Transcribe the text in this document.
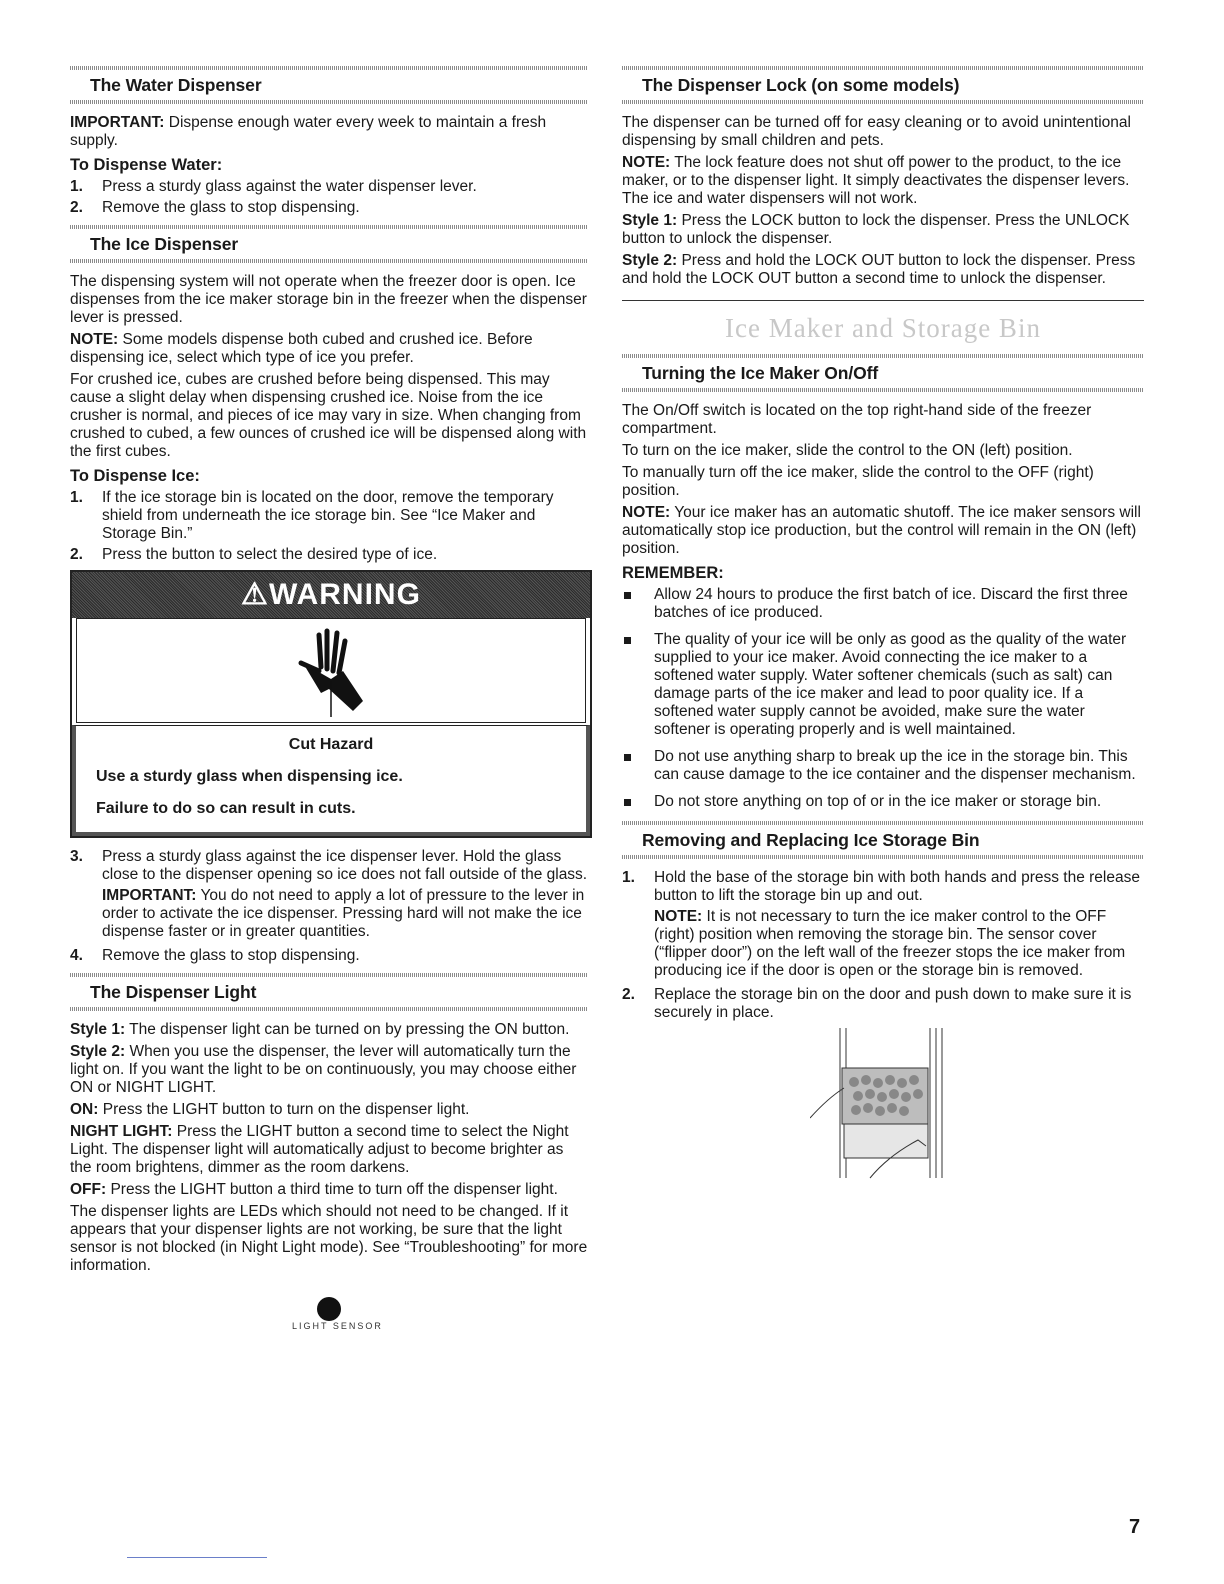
The Water Dispenser

IMPORTANT: Dispense enough water every week to maintain a fresh supply.

To Dispense Water:
1.	Press a sturdy glass against the water dispenser lever.
2.	Remove the glass to stop dispensing.
The Ice Dispenser

The dispensing system will not operate when the freezer door is open. Ice dispenses from the ice maker storage bin in the freezer when the dispenser lever is pressed.

NOTE: Some models dispense both cubed and crushed ice. Before dispensing ice, select which type of ice you prefer.

For crushed ice, cubes are crushed before being dispensed. This may cause a slight delay when dispensing crushed ice. Noise from the ice crusher is normal, and pieces of ice may vary in size. When changing from crushed to cubed, a few ounces of crushed ice will be dispensed along with the first cubes.

To Dispense Ice:
1.	If the ice storage bin is located on the door, remove the temporary shield from underneath the ice storage bin. See “Ice Maker and Storage Bin.”
2.	Press the button to select the desired type of ice.
⚠WARNING
Cut Hazard
Use a sturdy glass when dispensing ice.
Failure to do so can result in cuts.
3.	Press a sturdy glass against the ice dispenser lever. Hold the glass close to the dispenser opening so ice does not fall outside of the glass.

IMPORTANT: You do not need to apply a lot of pressure to the lever in order to activate the ice dispenser. Pressing hard will not make the ice dispense faster or in greater quantities.

4.	Remove the glass to stop dispensing.
The Dispenser Light

Style 1: The dispenser light can be turned on by pressing the ON button.

Style 2: When you use the dispenser, the lever will automatically turn the light on. If you want the light to be on continuously, you may choose either ON or NIGHT LIGHT.

ON: Press the LIGHT button to turn on the dispenser light.

NIGHT LIGHT: Press the LIGHT button a second time to select the Night Light. The dispenser light will automatically adjust to become brighter as the room brightens, dimmer as the room darkens.

OFF: Press the LIGHT button a third time to turn off the dispenser light.

The dispenser lights are LEDs which should not need to be changed. If it appears that your dispenser lights are not working, be sure that the light sensor is not blocked (in Night Light mode). See “Troubleshooting” for more information.

LIGHT SENSOR
The Dispenser Lock (on some models)

The dispenser can be turned off for easy cleaning or to avoid unintentional dispensing by small children and pets.

NOTE: The lock feature does not shut off power to the product, to the ice maker, or to the dispenser light. It simply deactivates the dispenser levers. The ice and water dispensers will not work.

Style 1: Press the LOCK button to lock the dispenser. Press the UNLOCK button to unlock the dispenser.

Style 2: Press and hold the LOCK OUT button to lock the dispenser. Press and hold the LOCK OUT button a second time to unlock the dispenser.

Ice Maker and Storage Bin
Turning the Ice Maker On/Off

The On/Off switch is located on the top right-hand side of the freezer compartment.

To turn on the ice maker, slide the control to the ON (left) position.

To manually turn off the ice maker, slide the control to the OFF (right) position.

NOTE: Your ice maker has an automatic shutoff. The ice maker sensors will automatically stop ice production, but the control will remain in the ON (left) position.

REMEMBER:
Allow 24 hours to produce the first batch of ice. Discard the first three batches of ice produced.
The quality of your ice will be only as good as the quality of the water supplied to your ice maker. Avoid connecting the ice maker to a softened water supply. Water softener chemicals (such as salt) can damage parts of the ice maker and lead to poor quality ice. If a softened water supply cannot be avoided, make sure the water softener is operating properly and is well maintained.
Do not use anything sharp to break up the ice in the storage bin. This can cause damage to the ice container and the dispenser mechanism.
Do not store anything on top of or in the ice maker or storage bin.
Removing and Replacing Ice Storage Bin
1.	Hold the base of the storage bin with both hands and press the release button to lift the storage bin up and out.

NOTE: It is not necessary to turn the ice maker control to the OFF (right) position when removing the storage bin. The sensor cover (“flipper door”) on the left wall of the freezer stops the ice maker from producing ice if the door is open or the storage bin is removed.

2.	Replace the storage bin on the door and push down to make sure it is securely in place.
7
